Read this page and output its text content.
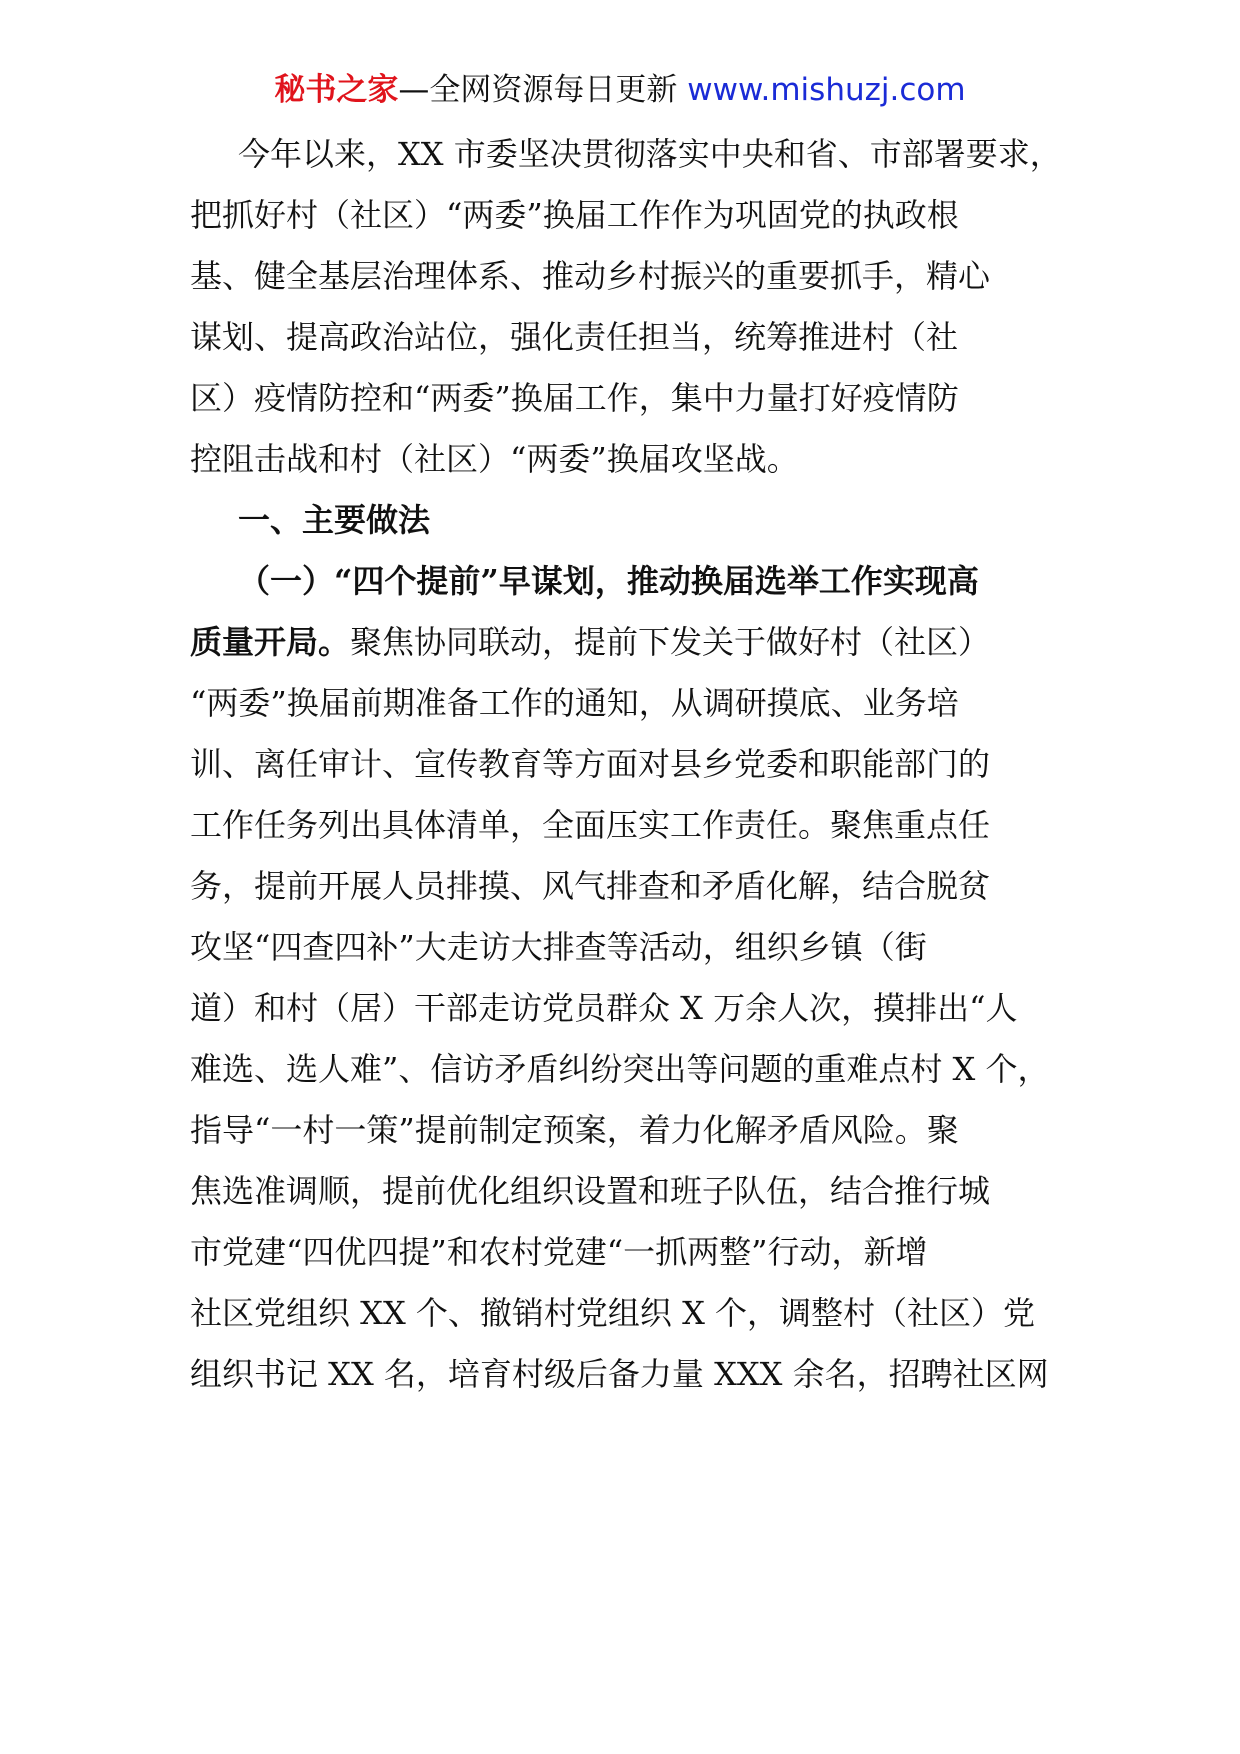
秘书之家—全网资源每日更新 www.mishuzj.com
今年以来，XX 市委坚决贯彻落实中央和省、市部署要求，
把抓好村（社区）“两委”换届工作作为巩固党的执政根
基、健全基层治理体系、推动乡村振兴的重要抓手，精心
谋划、提高政治站位，强化责任担当，统筹推进村（社
区）疫情防控和“两委”换届工作，集中力量打好疫情防
控阻击战和村（社区）“两委”换届攻坚战。
一、主要做法
（一）“四个提前”早谋划，推动换届选举工作实现高
质量开局。聚焦协同联动，提前下发关于做好村（社区）
“两委”换届前期准备工作的通知，从调研摸底、业务培
训、离任审计、宣传教育等方面对县乡党委和职能部门的
工作任务列出具体清单，全面压实工作责任。聚焦重点任
务，提前开展人员排摸、风气排查和矛盾化解，结合脱贫
攻坚“四查四补”大走访大排查等活动，组织乡镇（街
道）和村（居）干部走访党员群众 X 万余人次，摸排出“人
难选、选人难”、信访矛盾纠纷突出等问题的重难点村 X 个，
指导“一村一策”提前制定预案，着力化解矛盾风险。聚
焦选准调顺，提前优化组织设置和班子队伍，结合推行城
市党建“四优四提”和农村党建“一抓两整”行动，新增
社区党组织 XX 个、撤销村党组织 X 个，调整村（社区）党
组织书记 XX 名，培育村级后备力量 XXX 余名，招聘社区网
